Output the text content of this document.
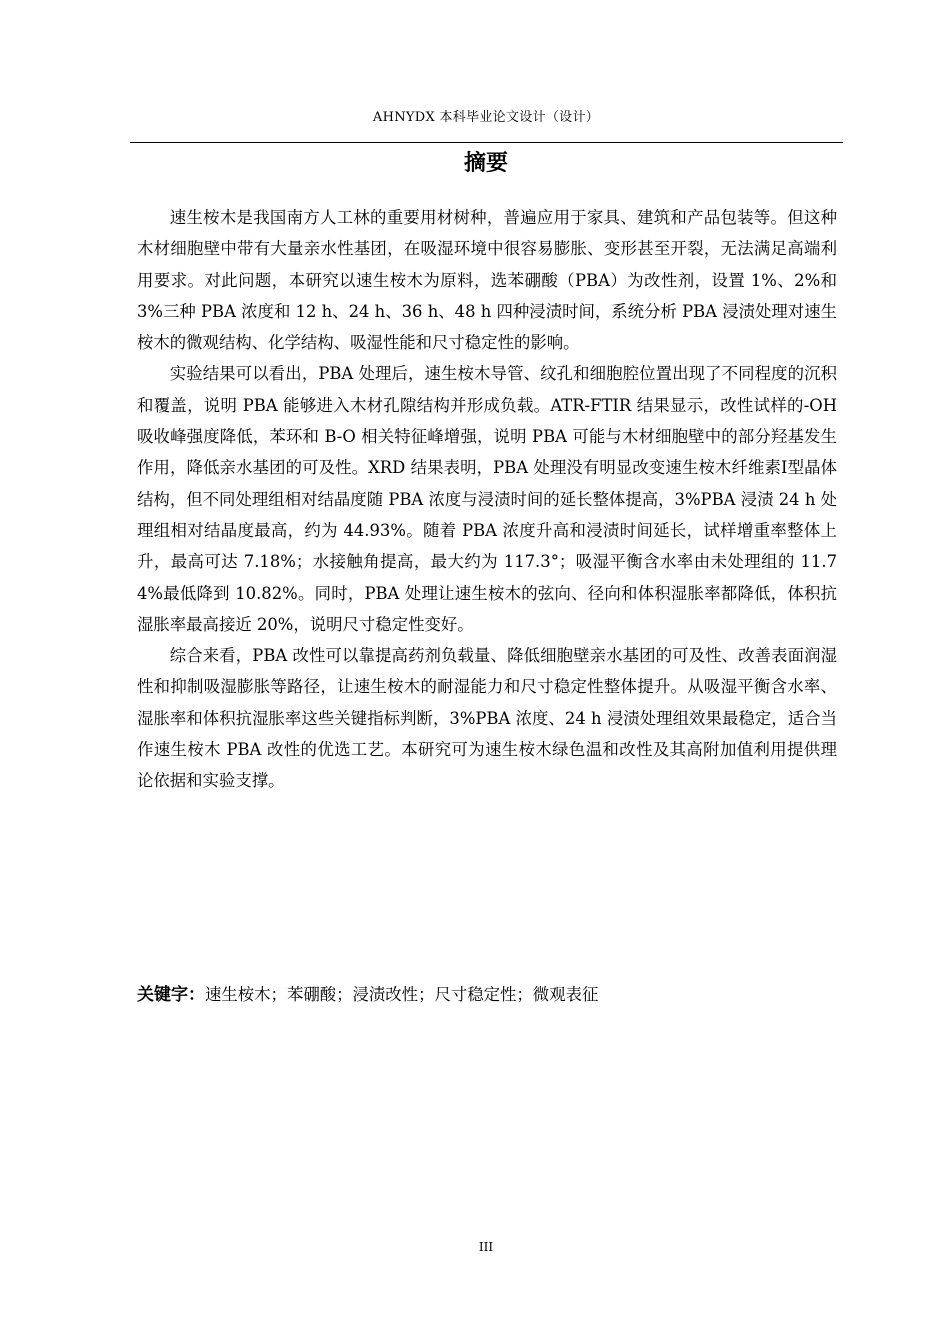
AHNYDX 本科毕业论文设计（设计）
摘要

速生桉木是我国南方人工林的重要用材树种，普遍应用于家具、建筑和产品包装等。但这种木材细胞壁中带有大量亲水性基团，在吸湿环境中很容易膨胀、变形甚至开裂，无法满足高端利用要求。对此问题，本研究以速生桉木为原料，选苯硼酸（PBA）为改性剂，设置 1%、2%和 3%三种 PBA 浓度和 12 h、24 h、36 h、48 h 四种浸渍时间，系统分析 PBA 浸渍处理对速生桉木的微观结构、化学结构、吸湿性能和尺寸稳定性的影响。

实验结果可以看出，PBA 处理后，速生桉木导管、纹孔和细胞腔位置出现了不同程度的沉积和覆盖，说明 PBA 能够进入木材孔隙结构并形成负载。ATR-FTIR 结果显示，改性试样的-OH 吸收峰强度降低，苯环和 B-O 相关特征峰增强，说明 PBA 可能与木材细胞壁中的部分羟基发生作用，降低亲水基团的可及性。XRD 结果表明，PBA 处理没有明显改变速生桉木纤维素Ⅰ型晶体结构，但不同处理组相对结晶度随 PBA 浓度与浸渍时间的延长整体提高，3%PBA 浸渍 24 h 处理组相对结晶度最高，约为 44.93%。随着 PBA 浓度升高和浸渍时间延长，试样增重率整体上升，最高可达 7.18%；水接触角提高，最大约为 117.3°；吸湿平衡含水率由未处理组的 11.74%最低降到 10.82%。同时，PBA 处理让速生桉木的弦向、径向和体积湿胀率都降低，体积抗湿胀率最高接近 20%，说明尺寸稳定性变好。

综合来看，PBA 改性可以靠提高药剂负载量、降低细胞壁亲水基团的可及性、改善表面润湿性和抑制吸湿膨胀等路径，让速生桉木的耐湿能力和尺寸稳定性整体提升。从吸湿平衡含水率、湿胀率和体积抗湿胀率这些关键指标判断，3%PBA 浓度、24 h 浸渍处理组效果最稳定，适合当作速生桉木 PBA 改性的优选工艺。本研究可为速生桉木绿色温和改性及其高附加值利用提供理论依据和实验支撑。

关键字：速生桉木；苯硼酸；浸渍改性；尺寸稳定性；微观表征
III
